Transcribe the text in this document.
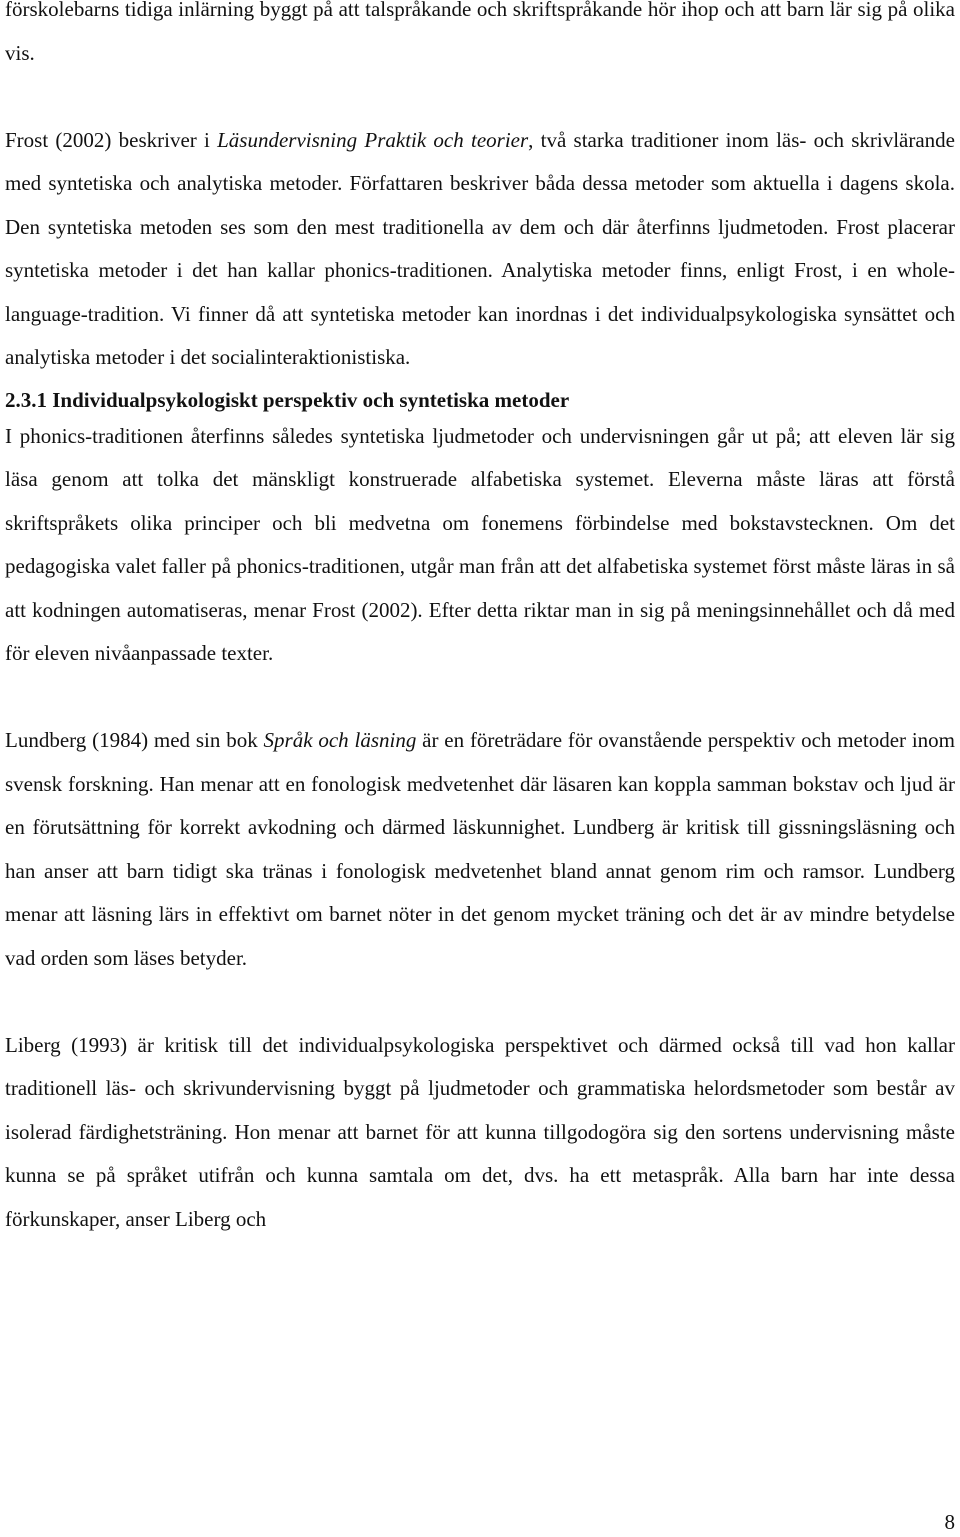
förskolebarns tidiga inlärning byggt på att talspråkande och skriftspråkande hör ihop och att barn lär sig på olika vis.

Frost (2002) beskriver i Läsundervisning Praktik och teorier, två starka traditioner inom läs- och skrivlärande med syntetiska och analytiska metoder. Författaren beskriver båda dessa metoder som aktuella i dagens skola. Den syntetiska metoden ses som den mest traditionella av dem och där återfinns ljudmetoden. Frost placerar syntetiska metoder i det han kallar phonics-traditionen. Analytiska metoder finns, enligt Frost, i en whole-language-tradition. Vi finner då att syntetiska metoder kan inordnas i det individualpsykologiska synsättet och analytiska metoder i det socialinteraktionistiska.

2.3.1 Individualpsykologiskt perspektiv och syntetiska metoder

I phonics-traditionen återfinns således syntetiska ljudmetoder och undervisningen går ut på; att eleven lär sig läsa genom att tolka det mänskligt konstruerade alfabetiska systemet. Eleverna måste läras att förstå skriftspråkets olika principer och bli medvetna om fonemens förbindelse med bokstavstecknen. Om det pedagogiska valet faller på phonics-traditionen, utgår man från att det alfabetiska systemet först måste läras in så att kodningen automatiseras, menar Frost (2002). Efter detta riktar man in sig på meningsinnehållet och då med för eleven nivåanpassade texter.

Lundberg (1984) med sin bok Språk och läsning är en företrädare för ovanstående perspektiv och metoder inom svensk forskning. Han menar att en fonologisk medvetenhet där läsaren kan koppla samman bokstav och ljud är en förutsättning för korrekt avkodning och därmed läskunnighet. Lundberg är kritisk till gissningsläsning och han anser att barn tidigt ska tränas i fonologisk medvetenhet bland annat genom rim och ramsor. Lundberg menar att läsning lärs in effektivt om barnet nöter in det genom mycket träning och det är av mindre betydelse vad orden som läses betyder.

Liberg (1993) är kritisk till det individualpsykologiska perspektivet och därmed också till vad hon kallar traditionell läs- och skrivundervisning byggt på ljudmetoder och grammatiska helordsmetoder som består av isolerad färdighetsträning. Hon menar att barnet för att kunna tillgodogöra sig den sortens undervisning måste kunna se på språket utifrån och kunna samtala om det, dvs. ha ett metaspråk. Alla barn har inte dessa förkunskaper, anser Liberg och

8
